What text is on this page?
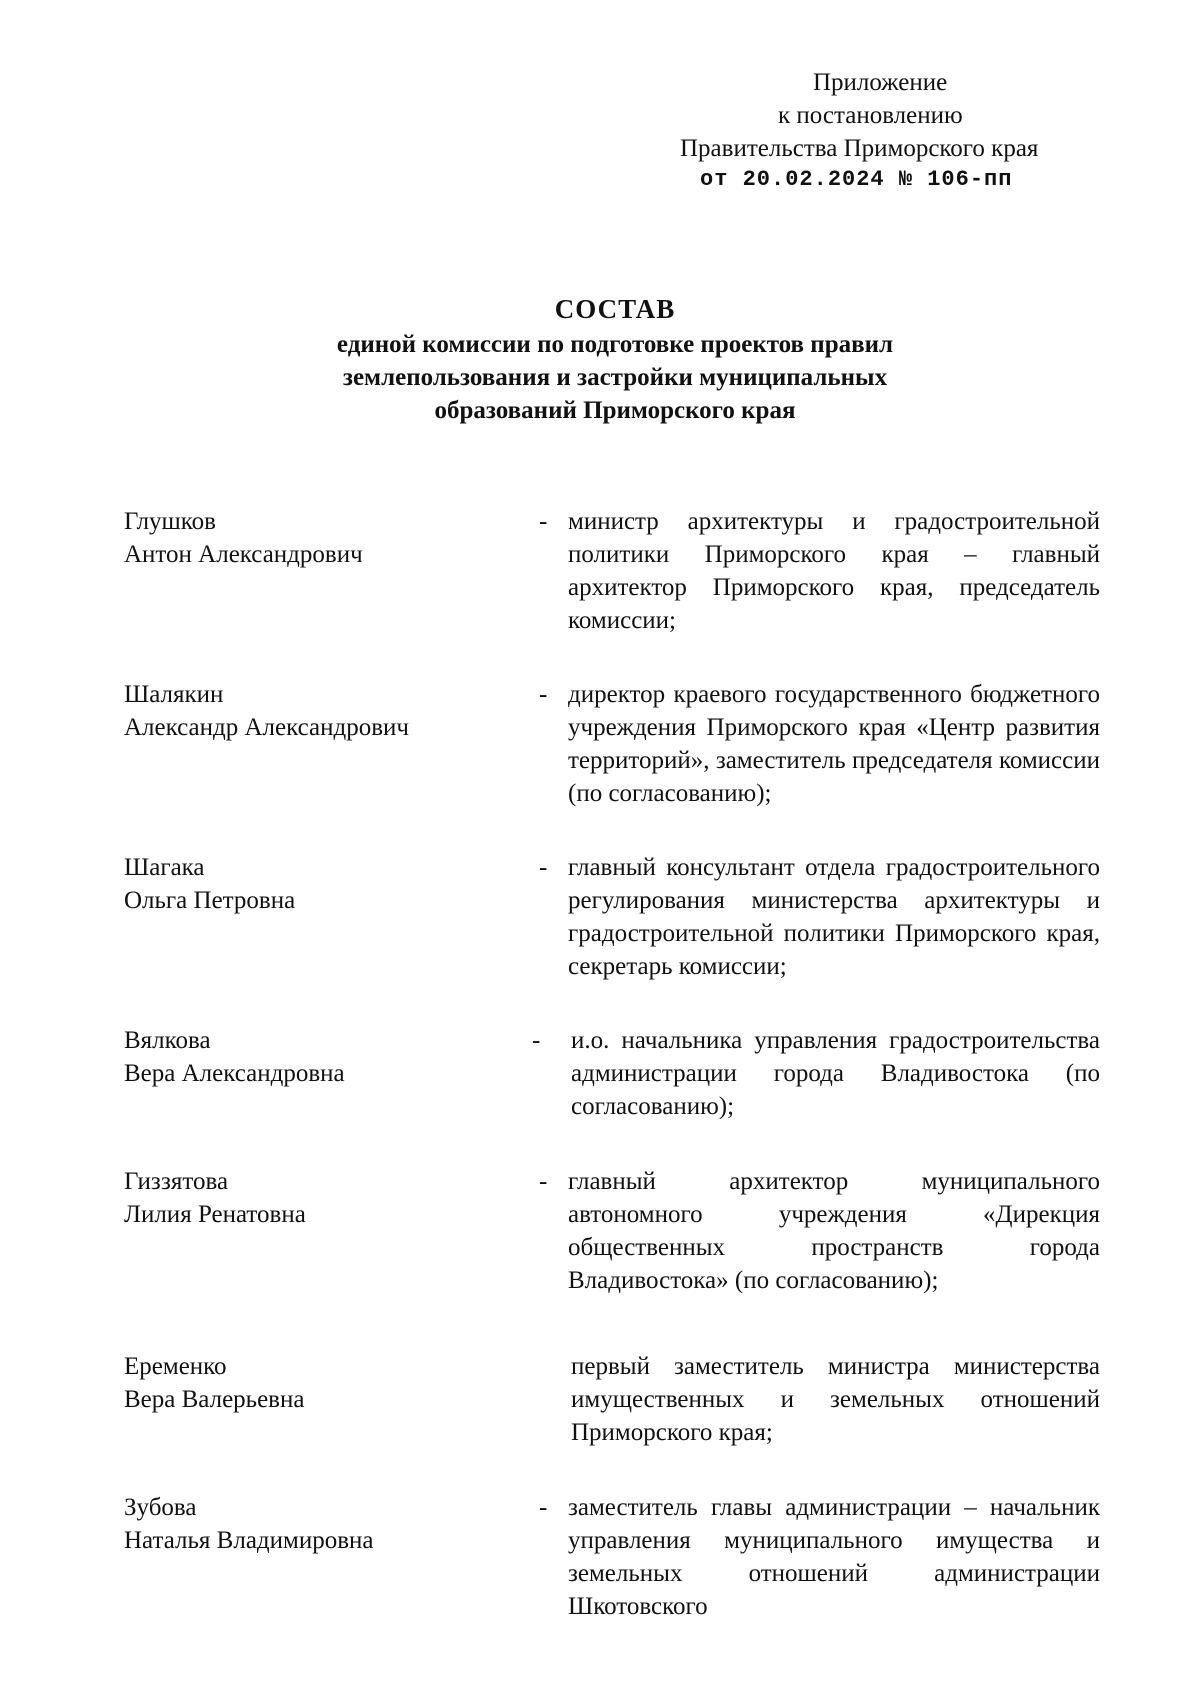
Приложение
к постановлению
Правительства Приморского края
от 20.02.2024 № 106-пп
СОСТАВ
единой комиссии по подготовке проектов правил
землепользования и застройки муниципальных
образований Приморского края
Глушков
Антон Александрович
- министр архитектуры и градостроительной политики Приморского края – главный архитектор Приморского края, председатель комиссии;
Шалякин
Александр Александрович
- директор краевого государственного бюджетного учреждения Приморского края «Центр развития территорий», заместитель председателя комиссии (по согласованию);
Шагака
Ольга Петровна
- главный консультант отдела градостроительного регулирования министерства архитектуры и градостроительной политики Приморского края, секретарь комиссии;
Вялкова
Вера Александровна
-	и.о. начальника управления градостроительства администрации города Владивостока (по согласованию);
Гиззятова
Лилия Ренатовна
- главный архитектор муниципального автономного учреждения «Дирекция общественных пространств города Владивостока» (по согласованию);
Еременко
Вера Валерьевна
первый заместитель министра министерства имущественных и земельных отношений Приморского края;
Зубова
Наталья Владимировна
- заместитель главы администрации – начальник управления муниципального имущества и земельных отношений администрации Шкотовского
